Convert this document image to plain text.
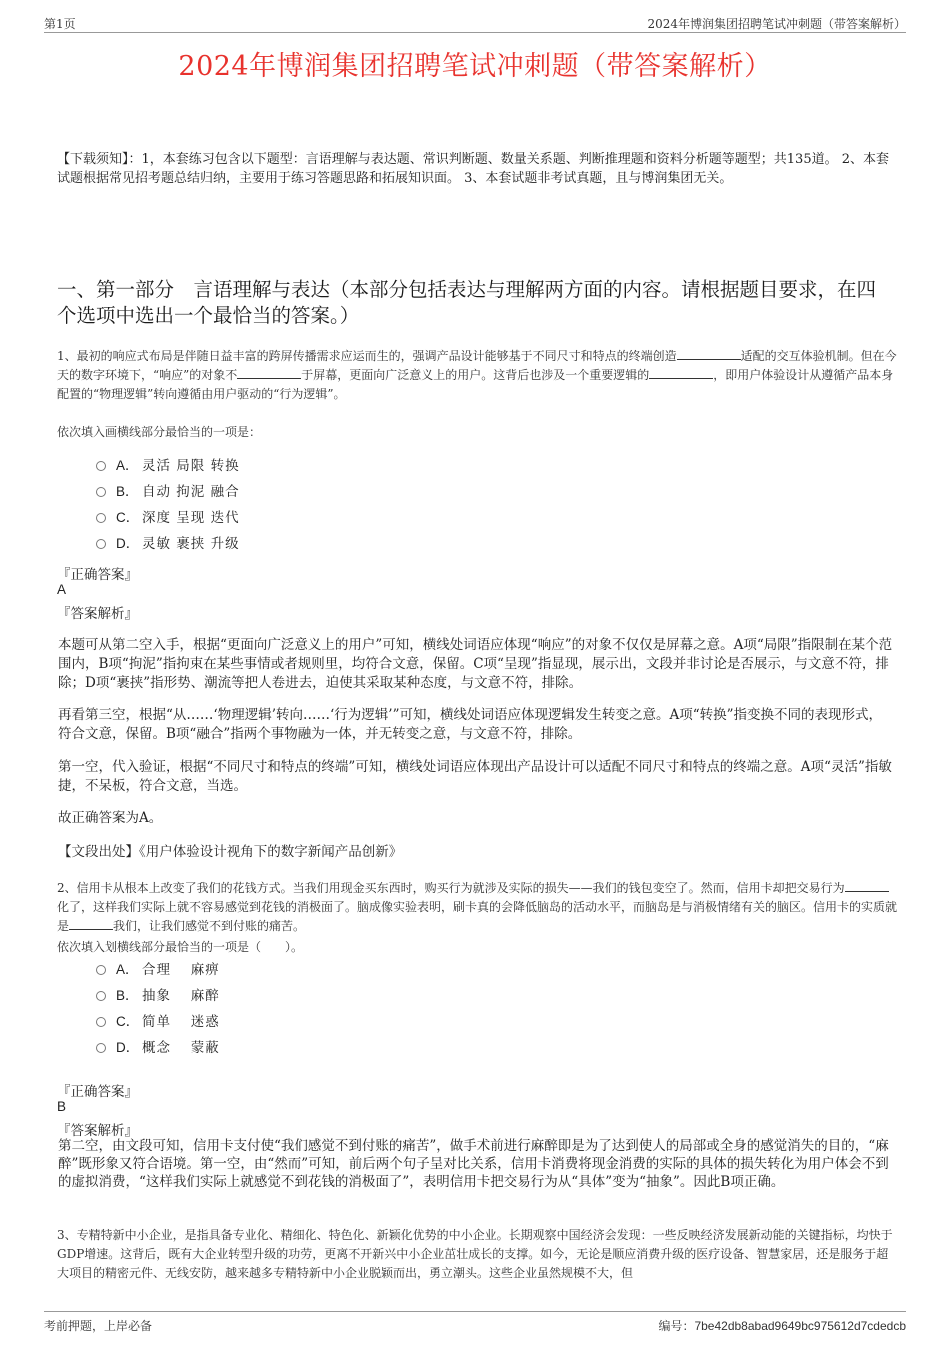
第1页	2024年博润集团招聘笔试冲刺题（带答案解析）
2024年博润集团招聘笔试冲刺题（带答案解析）
【下载须知】：1，本套练习包含以下题型：言语理解与表达题、常识判断题、数量关系题、判断推理题和资料分析题等题型；共135道。 2、本套试题根据常见招考题总结归纳，主要用于练习答题思路和拓展知识面。 3、本套试题非考试真题，且与博润集团无关。
一、第一部分　言语理解与表达（本部分包括表达与理解两方面的内容。请根据题目要求，在四个选项中选出一个最恰当的答案。）
1、最初的响应式布局是伴随日益丰富的跨屏传播需求应运而生的，强调产品设计能够基于不同尺寸和特点的终端创造	适配的交互体验机制。但在今天的数字环境下，“响应”的对象不	于屏幕，更面向广泛意义上的用户。这背后也涉及一个重要逻辑的	，即用户体验设计从遵循产品本身配置的“物理逻辑”转向遵循由用户驱动的“行为逻辑”。
依次填入画横线部分最恰当的一项是：
A． 灵活 局限 转换
B． 自动 拘泥 融合
C． 深度 呈现 迭代
D． 灵敏 裹挟 升级
『正确答案』
A
『答案解析』
本题可从第二空入手，根据“更面向广泛意义上的用户”可知，横线处词语应体现“响应”的对象不仅仅是屏幕之意。A项“局限”指限制在某个范围内，B项“拘泥”指拘束在某些事情或者规则里，均符合文意，保留。C项“呈现”指显现，展示出，文段并非讨论是否展示，与文意不符，排除；D项“裹挟”指形势、潮流等把人卷进去，迫使其采取某种态度，与文意不符，排除。
再看第三空，根据“从……‘物理逻辑’转向……‘行为逻辑’”可知，横线处词语应体现逻辑发生转变之意。A项“转换”指变换不同的表现形式，符合文意，保留。B项“融合”指两个事物融为一体，并无转变之意，与文意不符，排除。
第一空，代入验证，根据“不同尺寸和特点的终端”可知，横线处词语应体现出产品设计可以适配不同尺寸和特点的终端之意。A项“灵活”指敏捷，不呆板，符合文意，当选。
故正确答案为A。
【文段出处】《用户体验设计视角下的数字新闻产品创新》
2、信用卡从根本上改变了我们的花钱方式。当我们用现金买东西时，购买行为就涉及实际的损失——我们的钱包变空了。然而，信用卡却把交易行为化了，这样我们实际上就不容易感觉到花钱的消极面了。脑成像实验表明，刷卡真的会降低脑岛的活动水平，而脑岛是与消极情绪有关的脑区。信用卡的实质就是	我们，让我们感觉不到付账的痛苦。
依次填入划横线部分最恰当的一项是（　　）。
A． 合理　 麻痹
B． 抽象　 麻醉
C． 简单　 迷惑
D． 概念　 蒙蔽
『正确答案』
B
『答案解析』
第二空，由文段可知，信用卡支付使“我们感觉不到付账的痛苦”，做手术前进行麻醉即是为了达到使人的局部或全身的感觉消失的目的，“麻醉”既形象又符合语境。第一空，由“然而”可知，前后两个句子呈对比关系，信用卡消费将现金消费的实际的具体的损失转化为用户体会不到的虚拟消费，“这样我们实际上就感觉不到花钱的消极面了”，表明信用卡把交易行为从“具体”变为“抽象”。因此B项正确。
3、专精特新中小企业，是指具备专业化、精细化、特色化、新颖化优势的中小企业。长期观察中国经济会发现：一些反映经济发展新动能的关键指标，均快于GDP增速。这背后，既有大企业转型升级的功劳，更离不开新兴中小企业茁壮成长的支撑。如今，无论是顺应消费升级的医疗设备、智慧家居，还是服务于超大项目的精密元件、无线安防，越来越多专精特新中小企业脱颖而出，勇立潮头。这些企业虽然规模不大，但
考前押题，上岸必备	编号：7be42db8abad9649bc975612d7cdedcb
